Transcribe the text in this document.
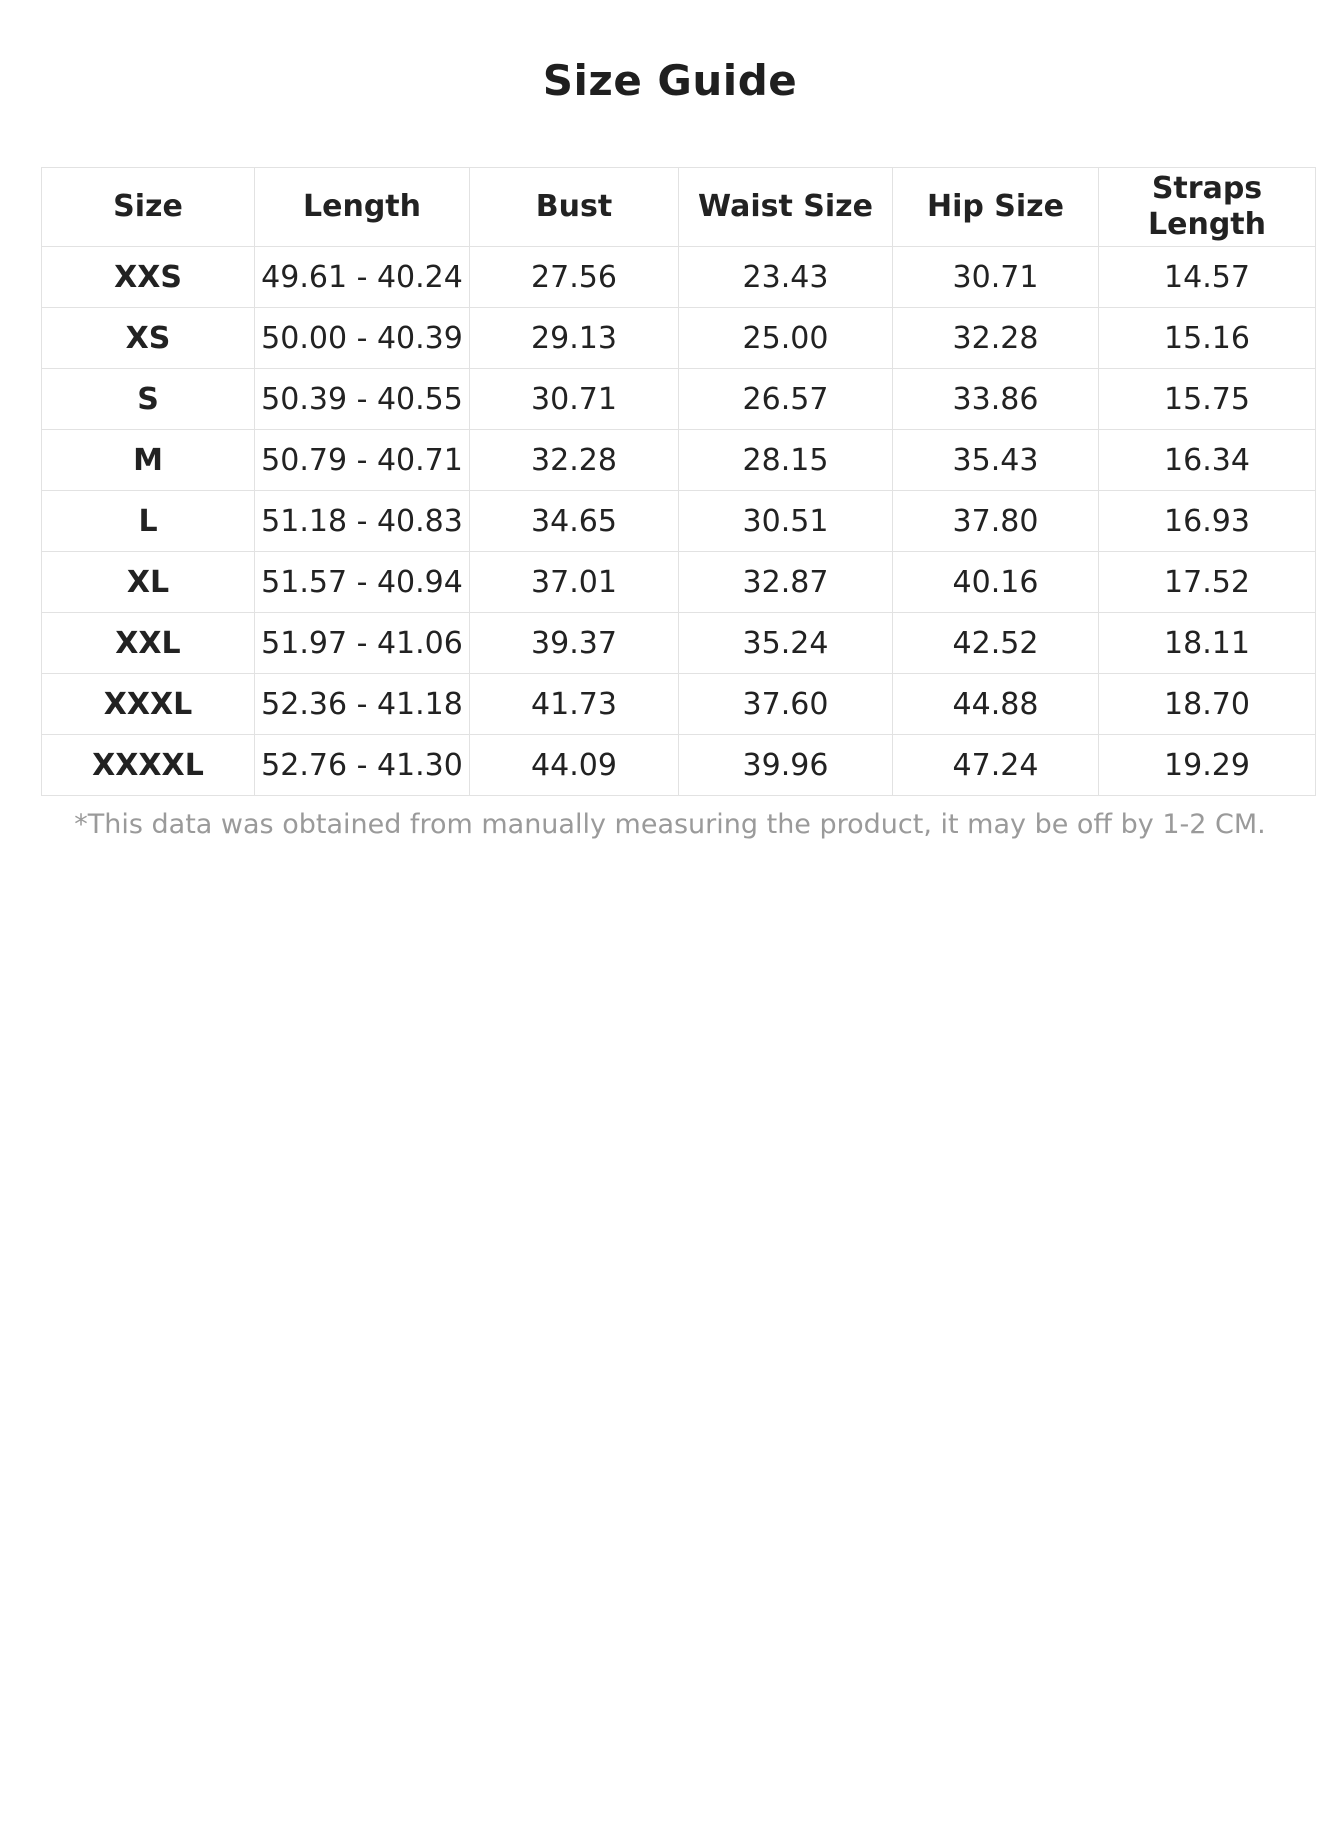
Size Guide
Size	Length	Bust	Waist Size	Hip Size	Straps Length
XXS	49.61 - 40.24	27.56	23.43	30.71	14.57
XS	50.00 - 40.39	29.13	25.00	32.28	15.16
S	50.39 - 40.55	30.71	26.57	33.86	15.75
M	50.79 - 40.71	32.28	28.15	35.43	16.34
L	51.18 - 40.83	34.65	30.51	37.80	16.93
XL	51.57 - 40.94	37.01	32.87	40.16	17.52
XXL	51.97 - 41.06	39.37	35.24	42.52	18.11
XXXL	52.36 - 41.18	41.73	37.60	44.88	18.70
XXXXL	52.76 - 41.30	44.09	39.96	47.24	19.29
*This data was obtained from manually measuring the product, it may be off by 1-2 CM.
